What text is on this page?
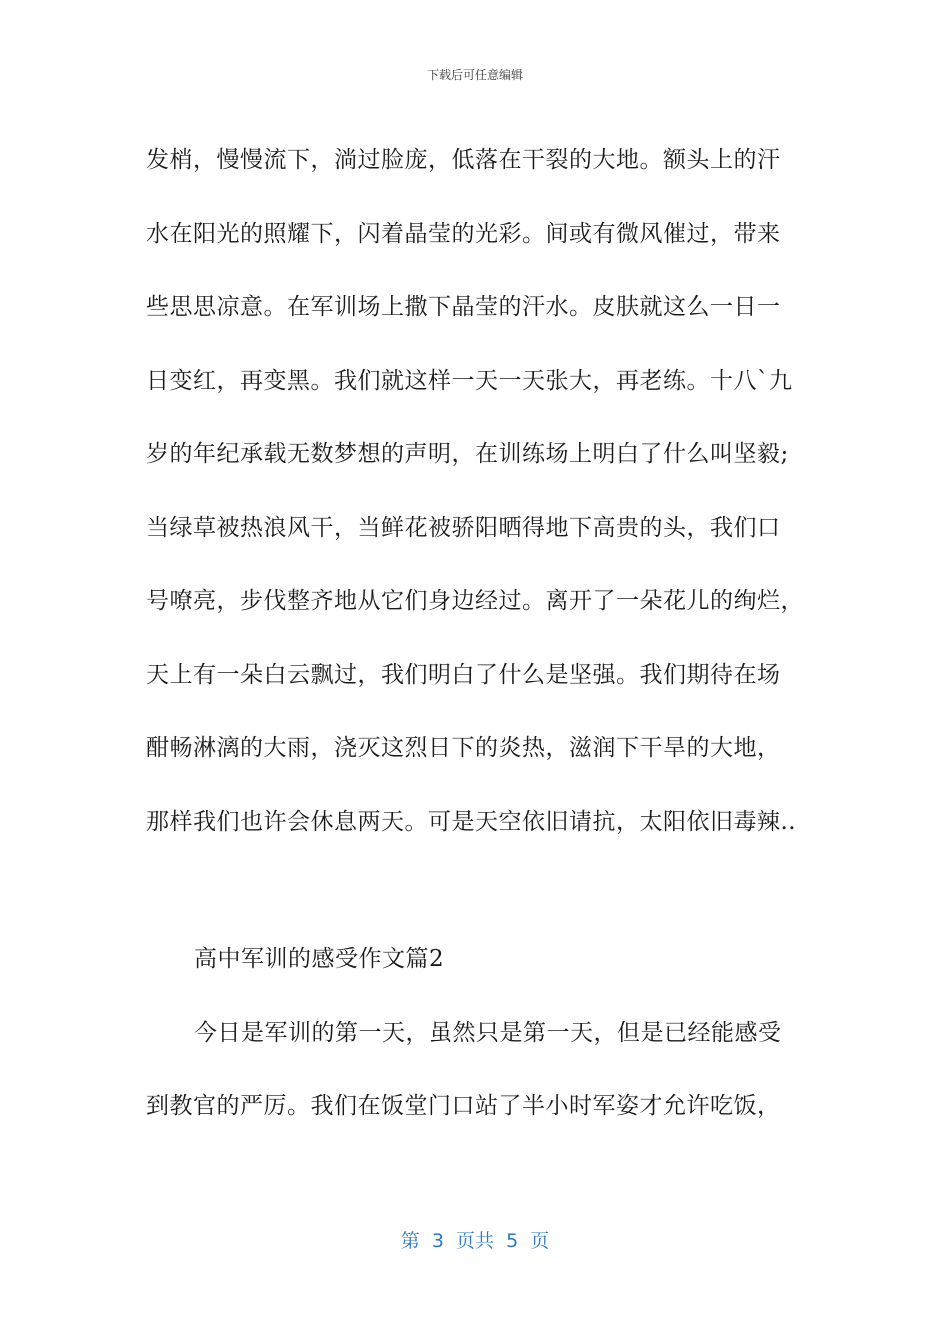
下载后可任意编辑
发梢，慢慢流下，淌过脸庞，低落在干裂的大地。额头上的汗
水在阳光的照耀下，闪着晶莹的光彩。间或有微风催过，带来
些思思凉意。在军训场上撒下晶莹的汗水。皮肤就这么一日一
日变红，再变黑。我们就这样一天一天张大，再老练。十八`九
岁的年纪承载无数梦想的声明，在训练场上明白了什么叫坚毅;
当绿草被热浪风干，当鲜花被骄阳晒得地下高贵的头，我们口
号嘹亮，步伐整齐地从它们身边经过。离开了一朵花儿的绚烂，
天上有一朵白云飘过，我们明白了什么是坚强。我们期待在场
酣畅淋漓的大雨，浇灭这烈日下的炎热，滋润下干旱的大地，
那样我们也许会休息两天。可是天空依旧请抗，太阳依旧毒辣..
高中军训的感受作文篇2
今日是军训的第一天，虽然只是第一天，但是已经能感受
到教官的严厉。我们在饭堂门口站了半小时军姿才允许吃饭，
第  3  页共  5  页
